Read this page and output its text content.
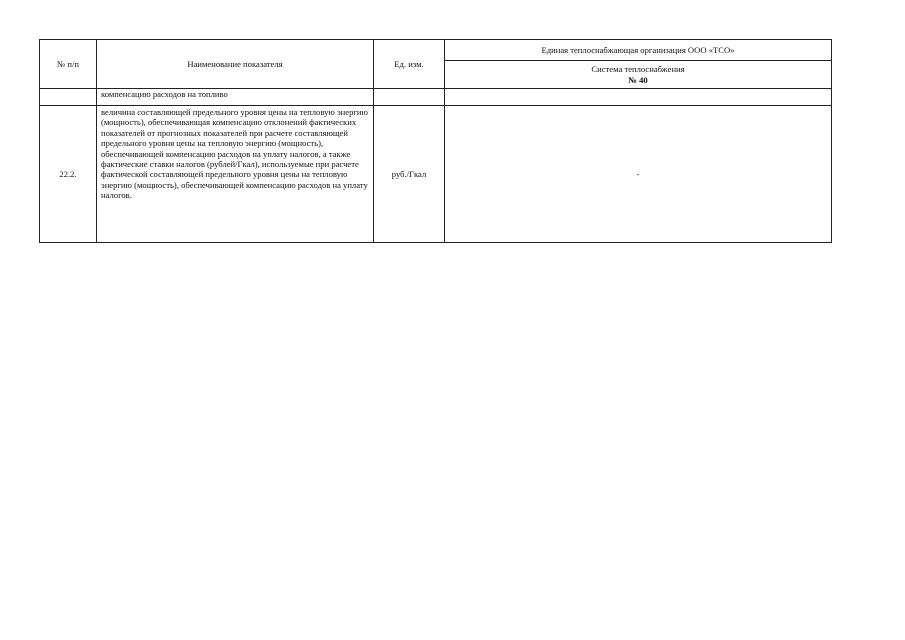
№ п/п	Наименование показателя	Ед. изм.	Единая теплоснабжающая организация ООО «ТСО»

			Система теплоснабжения
№ 40

	компенсацию расходов на топливо		
22.2.	величина составляющей предельного уровня цены на тепловую энергию (мощность), обеспечивающая компенсацию отклонений фактических показателей от прогнозных показателей при расчете составляющей предельного уровня цены на тепловую энергию (мощность), обеспечивающей компенсацию расходов на уплату налогов, а также фактические ставки налогов (рублей/Гкал), используемые при расчете фактической составляющей предельного уровня цены на тепловую энергию (мощность), обеспечивающей компенсацию расходов на уплату налогов.	руб./Гкал	-
